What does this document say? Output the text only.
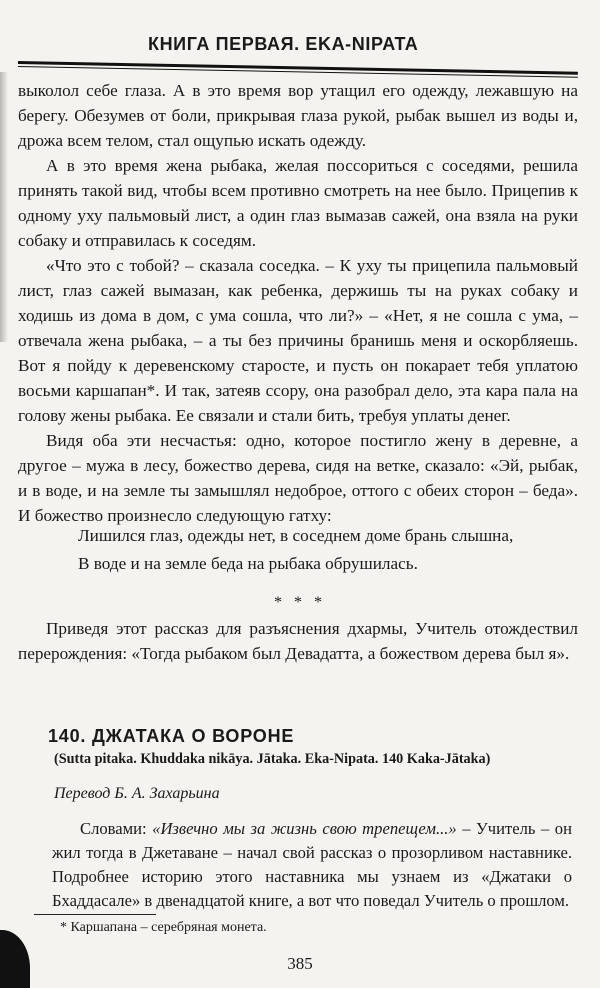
КНИГА ПЕРВАЯ. EKA-NIPATA

выколол себе глаза. А в это время вор утащил его одежду, лежавшую на берегу. Обезумев от боли, прикрывая глаза рукой, рыбак вышел из воды и, дрожа всем телом, стал ощупью искать одежду.

А в это время жена рыбака, желая поссориться с соседями, решила принять такой вид, чтобы всем противно смотреть на нее было. Прицепив к одному уху пальмовый лист, а один глаз вымазав сажей, она взяла на руки собаку и отправилась к соседям.

«Что это с тобой? – сказала соседка. – К уху ты прицепила пальмовый лист, глаз сажей вымазан, как ребенка, держишь ты на руках собаку и ходишь из дома в дом, с ума сошла, что ли?» – «Нет, я не сошла с ума, – отвечала жена рыбака, – а ты без причины бранишь меня и оскорбляешь. Вот я пойду к деревенскому старосте, и пусть он покарает тебя уплатою восьми каршапан*. И так, затеяв ссору, она разобрал дело, эта кара пала на голову жены рыбака. Ее связали и стали бить, требуя уплаты денег.

Видя оба эти несчастья: одно, которое постигло жену в деревне, а другое – мужа в лесу, божество дерева, сидя на ветке, сказало: «Эй, рыбак, и в воде, и на земле ты замышлял недоброе, оттого с обеих сторон – беда». И божество произнесло следующую гатху:

Лишился глаз, одежды нет, в соседнем доме брань слышна,
В воде и на земле беда на рыбака обрушилась.
* * *

Приведя этот рассказ для разъяснения дхармы, Учитель отождествил перерождения: «Тогда рыбаком был Девадатта, а божеством дерева был я».

140. ДЖАТАКА О ВОРОНЕ
(Sutta pitaka. Khuddaka nikāya. Jātaka. Eka-Nipata. 140 Kaka-Jātaka)
Перевод Б. А. Захарьина

Словами: «Извечно мы за жизнь свою трепещем...» – Учитель – он жил тогда в Джетаване – начал свой рассказ о прозорливом наставнике. Подробнее историю этого наставника мы узнаем из «Джатаки о Бхаддасале» в двенадцатой книге, а вот что поведал Учитель о прошлом.

* Каршапана – серебряная монета.
385
